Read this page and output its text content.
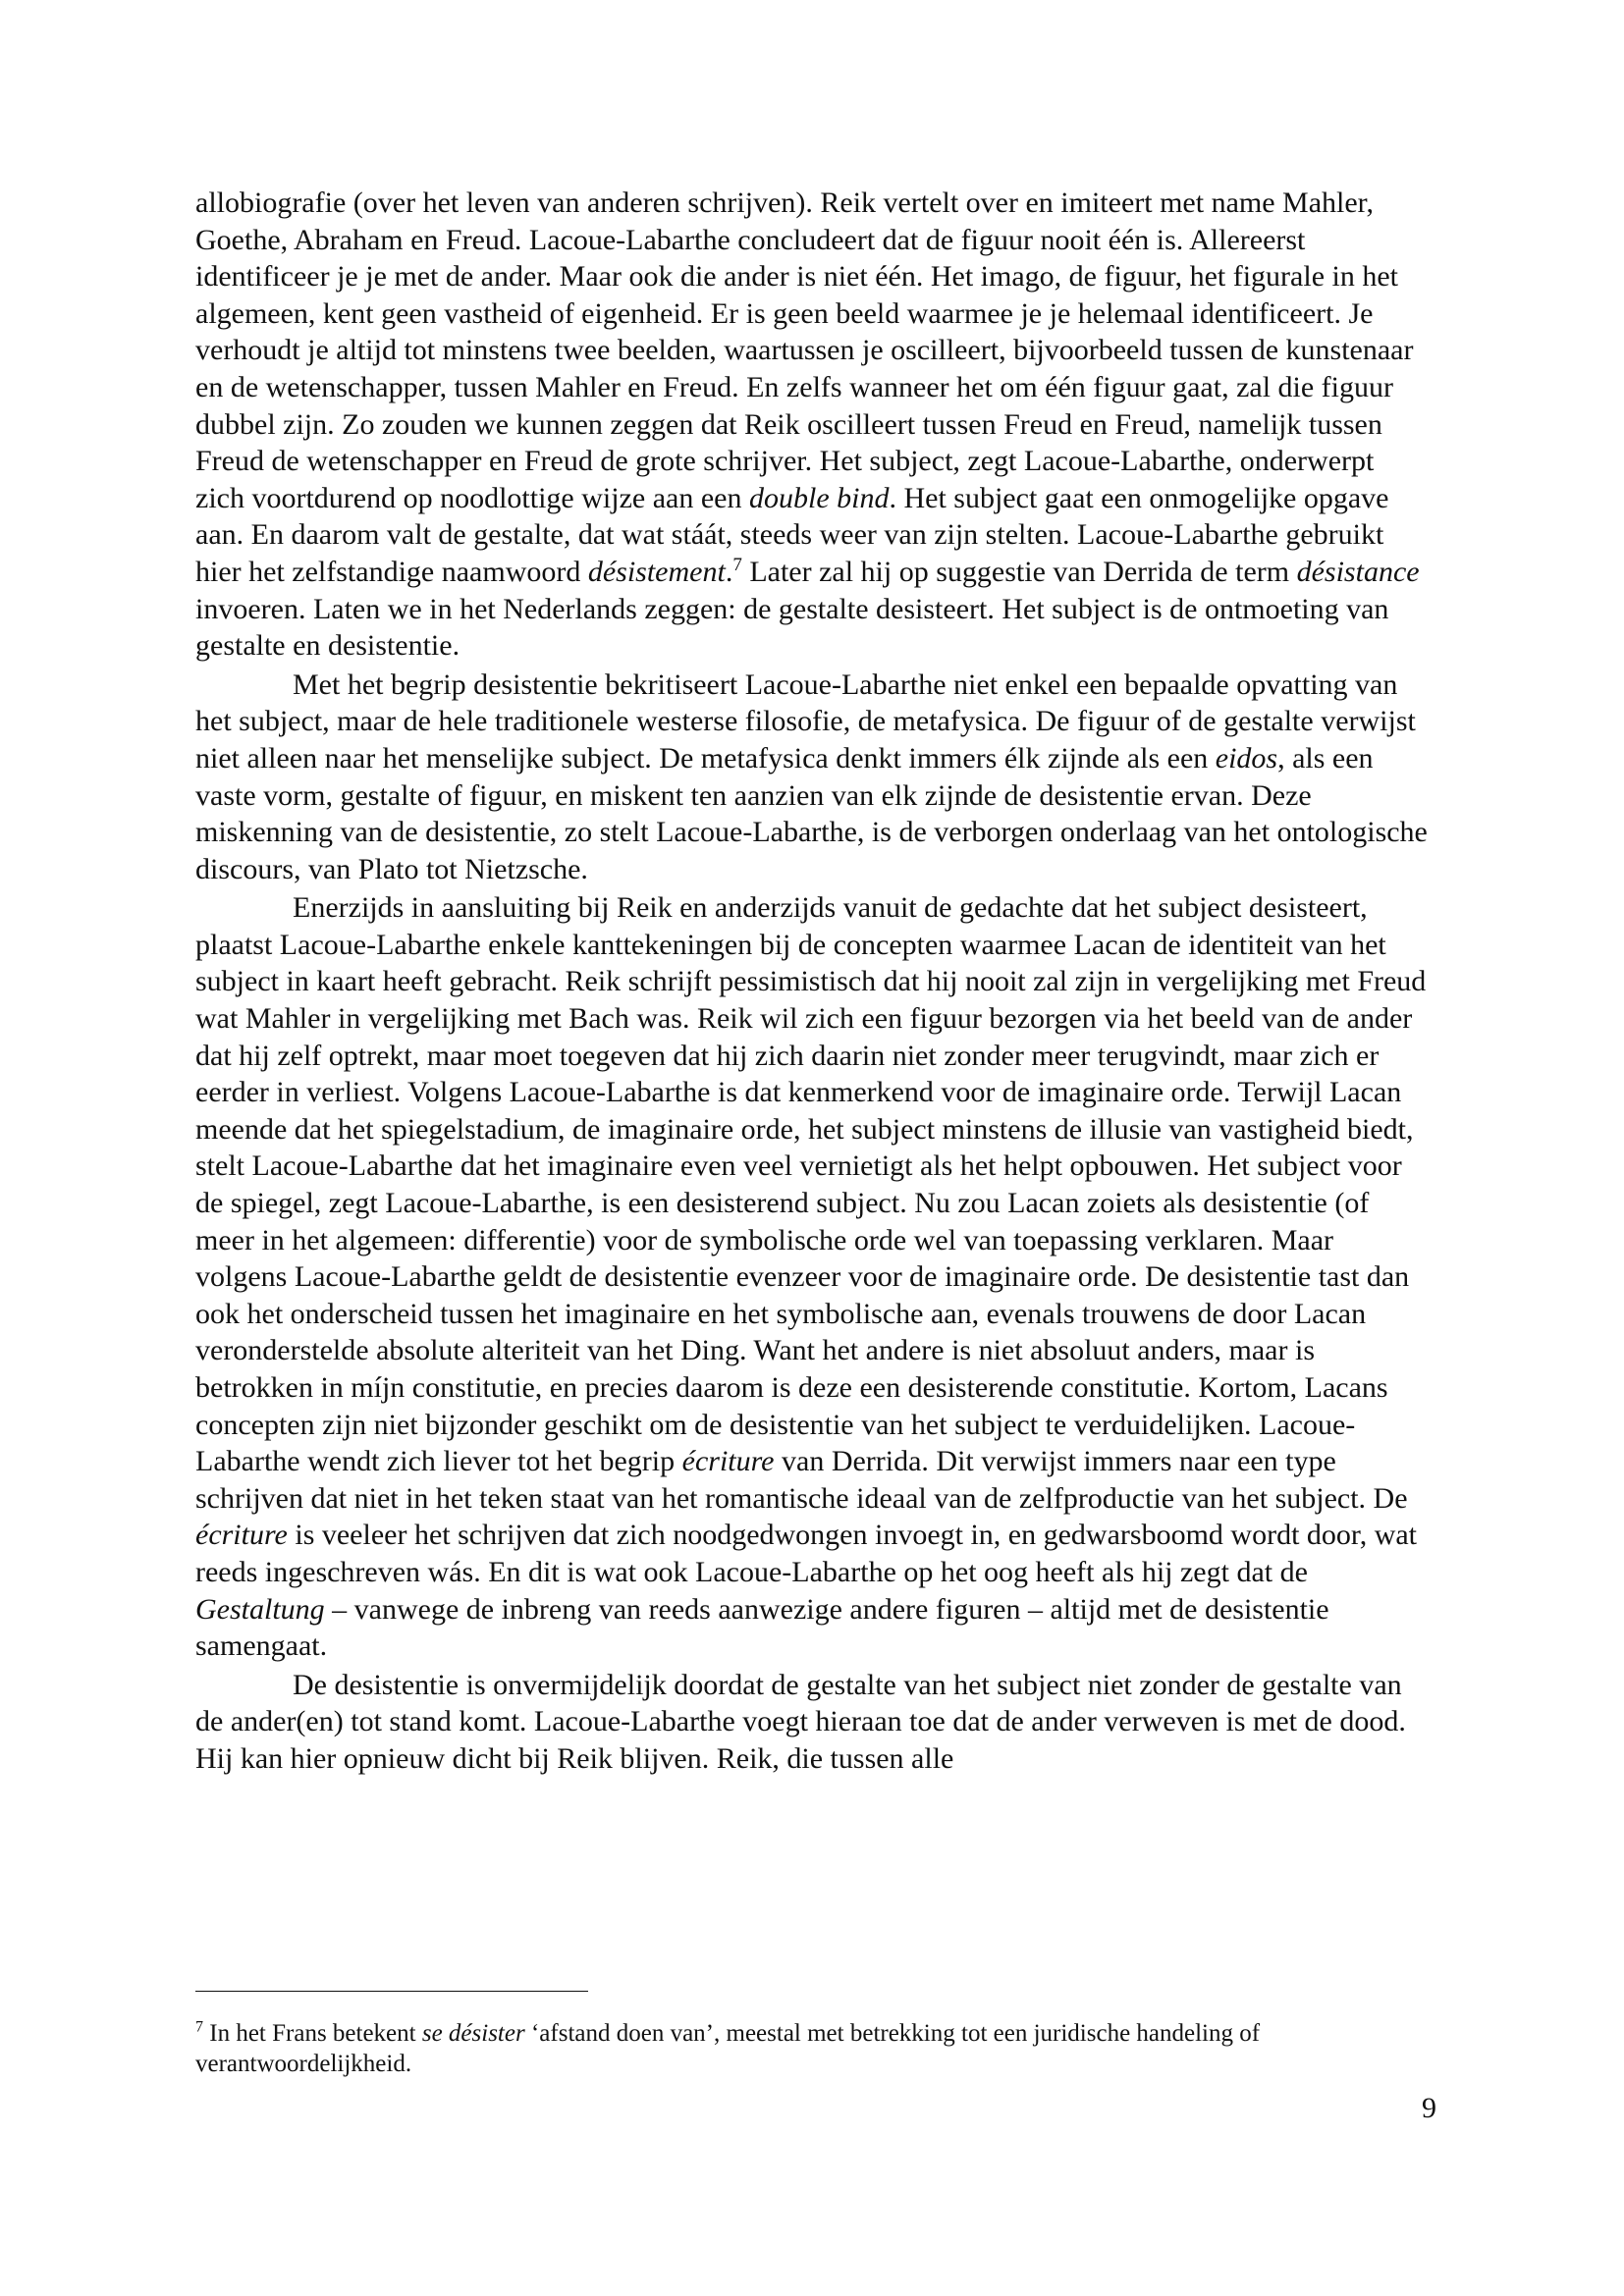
allobiografie (over het leven van anderen schrijven). Reik vertelt over en imiteert met name Mahler, Goethe, Abraham en Freud. Lacoue-Labarthe concludeert dat de figuur nooit één is. Allereerst identificeer je je met de ander. Maar ook die ander is niet één. Het imago, de figuur, het figurale in het algemeen, kent geen vastheid of eigenheid. Er is geen beeld waarmee je je helemaal identificeert. Je verhoudt je altijd tot minstens twee beelden, waartussen je oscilleert, bijvoorbeeld tussen de kunstenaar en de wetenschapper, tussen Mahler en Freud. En zelfs wanneer het om één figuur gaat, zal die figuur dubbel zijn. Zo zouden we kunnen zeggen dat Reik oscilleert tussen Freud en Freud, namelijk tussen Freud de wetenschapper en Freud de grote schrijver. Het subject, zegt Lacoue-Labarthe, onderwerpt zich voortdurend op noodlottige wijze aan een double bind. Het subject gaat een onmogelijke opgave aan. En daarom valt de gestalte, dat wat stáát, steeds weer van zijn stelten. Lacoue-Labarthe gebruikt hier het zelfstandige naamwoord désistement.$^7$ Later zal hij op suggestie van Derrida de term désistance invoeren. Laten we in het Nederlands zeggen: de gestalte desisteert. Het subject is de ontmoeting van gestalte en desistentie.

Met het begrip desistentie bekritiseert Lacoue-Labarthe niet enkel een bepaalde opvatting van het subject, maar de hele traditionele westerse filosofie, de metafysica. De figuur of de gestalte verwijst niet alleen naar het menselijke subject. De metafysica denkt immers élk zijnde als een eidos, als een vaste vorm, gestalte of figuur, en miskent ten aanzien van elk zijnde de desistentie ervan. Deze miskenning van de desistentie, zo stelt Lacoue-Labarthe, is de verborgen onderlaag van het ontologische discours, van Plato tot Nietzsche.

Enerzijds in aansluiting bij Reik en anderzijds vanuit de gedachte dat het subject desisteert, plaatst Lacoue-Labarthe enkele kanttekeningen bij de concepten waarmee Lacan de identiteit van het subject in kaart heeft gebracht. Reik schrijft pessimistisch dat hij nooit zal zijn in vergelijking met Freud wat Mahler in vergelijking met Bach was. Reik wil zich een figuur bezorgen via het beeld van de ander dat hij zelf optrekt, maar moet toegeven dat hij zich daarin niet zonder meer terugvindt, maar zich er eerder in verliest. Volgens Lacoue-Labarthe is dat kenmerkend voor de imaginaire orde. Terwijl Lacan meende dat het spiegelstadium, de imaginaire orde, het subject minstens de illusie van vastigheid biedt, stelt Lacoue-Labarthe dat het imaginaire even veel vernietigt als het helpt opbouwen. Het subject voor de spiegel, zegt Lacoue-Labarthe, is een desisterend subject. Nu zou Lacan zoiets als desistentie (of meer in het algemeen: differentie) voor de symbolische orde wel van toepassing verklaren. Maar volgens Lacoue-Labarthe geldt de desistentie evenzeer voor de imaginaire orde. De desistentie tast dan ook het onderscheid tussen het imaginaire en het symbolische aan, evenals trouwens de door Lacan veronderstelde absolute alteriteit van het Ding. Want het andere is niet absoluut anders, maar is betrokken in míjn constitutie, en precies daarom is deze een desisterende constitutie. Kortom, Lacans concepten zijn niet bijzonder geschikt om de desistentie van het subject te verduidelijken. Lacoue-Labarthe wendt zich liever tot het begrip écriture van Derrida. Dit verwijst immers naar een type schrijven dat niet in het teken staat van het romantische ideaal van de zelfproductie van het subject. De écriture is veeleer het schrijven dat zich noodgedwongen invoegt in, en gedwarsboomd wordt door, wat reeds ingeschreven wás. En dit is wat ook Lacoue-Labarthe op het oog heeft als hij zegt dat de Gestaltung – vanwege de inbreng van reeds aanwezige andere figuren – altijd met de desistentie samengaat.

De desistentie is onvermijdelijk doordat de gestalte van het subject niet zonder de gestalte van de ander(en) tot stand komt. Lacoue-Labarthe voegt hieraan toe dat de ander verweven is met de dood. Hij kan hier opnieuw dicht bij Reik blijven. Reik, die tussen alle

$^7$ In het Frans betekent se désister ‘afstand doen van’, meestal met betrekking tot een juridische handeling of verantwoordelijkheid.

9
